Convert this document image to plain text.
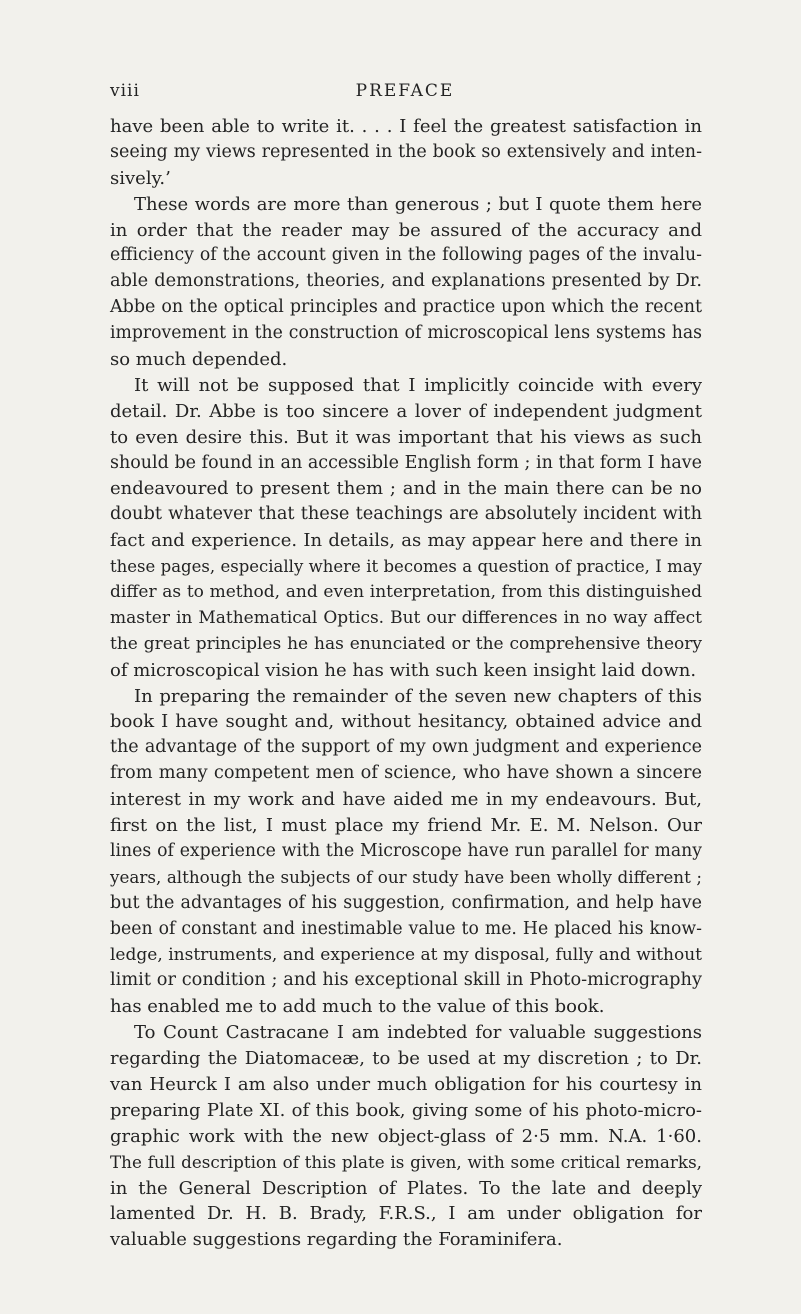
viii	PREFACE
have been able to write it. . . . I feel the greatest satisfaction in
seeing my views represented in the book so extensively and inten-
sively.’
These words are more than generous ; but I quote them here
in order that the reader may be assured of the accuracy and
efficiency of the account given in the following pages of the invalu-
able demonstrations, theories, and explanations presented by Dr.
Abbe on the optical principles and practice upon which the recent
improvement in the construction of microscopical lens systems has
so much depended.
It will not be supposed that I implicitly coincide with every
detail. Dr. Abbe is too sincere a lover of independent judgment
to even desire this. But it was important that his views as such
should be found in an accessible English form ; in that form I have
endeavoured to present them ; and in the main there can be no
doubt whatever that these teachings are absolutely incident with
fact and experience. In details, as may appear here and there in
these pages, especially where it becomes a question of practice, I may
differ as to method, and even interpretation, from this distinguished
master in Mathematical Optics. But our differences in no way affect
the great principles he has enunciated or the comprehensive theory
of microscopical vision he has with such keen insight laid down.
In preparing the remainder of the seven new chapters of this
book I have sought and, without hesitancy, obtained advice and
the advantage of the support of my own judgment and experience
from many competent men of science, who have shown a sincere
interest in my work and have aided me in my endeavours. But,
first on the list, I must place my friend Mr. E. M. Nelson. Our
lines of experience with the Microscope have run parallel for many
years, although the subjects of our study have been wholly different ;
but the advantages of his suggestion, confirmation, and help have
been of constant and inestimable value to me. He placed his know-
ledge, instruments, and experience at my disposal, fully and without
limit or condition ; and his exceptional skill in Photo-micrography
has enabled me to add much to the value of this book.
To Count Castracane I am indebted for valuable suggestions
regarding the Diatomaceæ, to be used at my discretion ; to Dr.
van Heurck I am also under much obligation for his courtesy in
preparing Plate XI. of this book, giving some of his photo-micro-
graphic work with the new object-glass of 2·5 mm. N.A. 1·60.
The full description of this plate is given, with some critical remarks,
in the General Description of Plates. To the late and deeply
lamented Dr. H. B. Brady, F.R.S., I am under obligation for
valuable suggestions regarding the Foraminifera.
